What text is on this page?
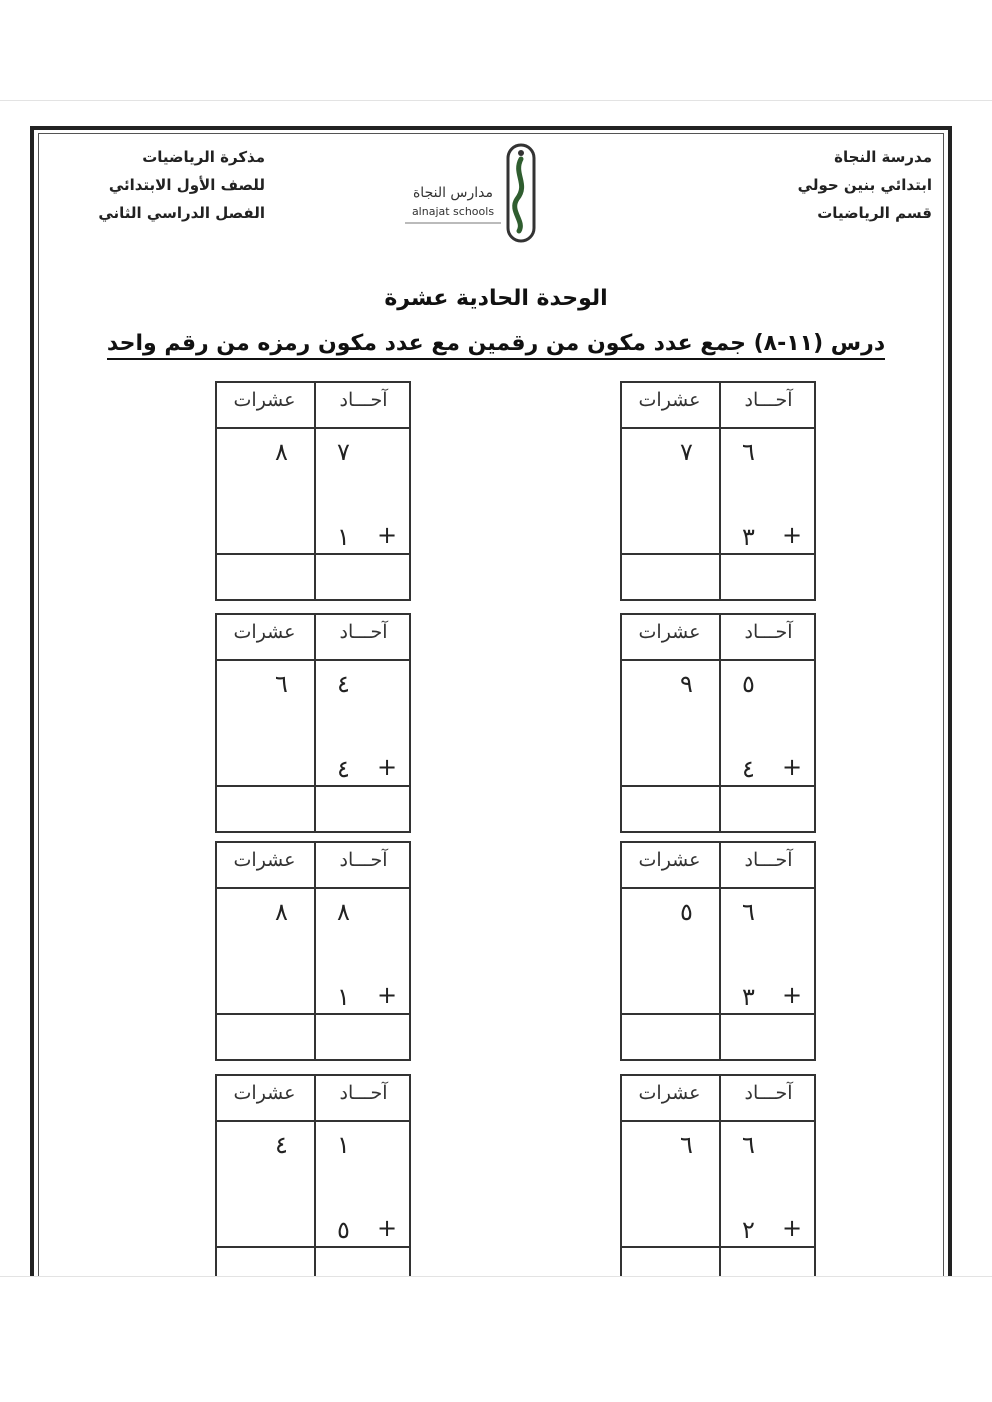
مدرسة النجاة
ابتدائي بنين حولي
قسم الرياضيات
مذكرة الرياضيات
للصف الأول الابتدائي
الفصل الدراسي الثاني
مدارس النجاة
alnajat schools
الوحدة الحادية عشرة
درس (١١-٨) جمع عدد مكون من رقمين مع عدد مكون رمزه من رقم واحد
آحـــاد
عشرات
٧ ٦
٣ +
آحـــاد
عشرات
٨ ٧
١ +
آحـــاد
عشرات
٩ ٥
٤ +
آحـــاد
عشرات
٦ ٤
٤ +
آحـــاد
عشرات
٥ ٦
٣ +
آحـــاد
عشرات
٨ ٨
١ +
آحـــاد
عشرات
٦ ٦
٢ +
آحـــاد
عشرات
٤ ١
٥ +
